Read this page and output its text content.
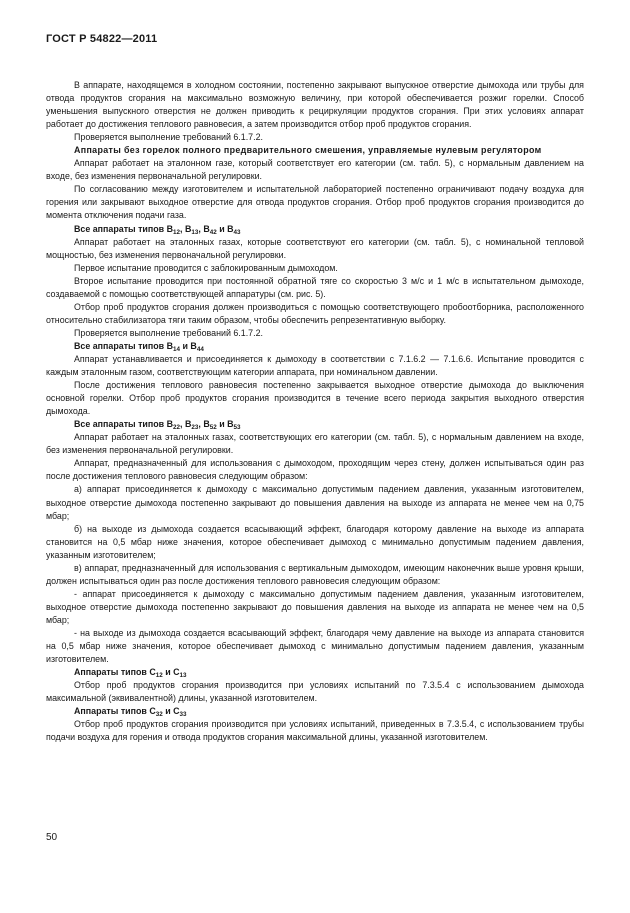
ГОСТ Р 54822—2011

В аппарате, находящемся в холодном состоянии, постепенно закрывают выпускное отверстие дымохода или трубы для отвода продуктов сгорания на максимально возможную величину, при которой обеспечивается розжиг горелки. Способ уменьшения выпускного отверстия не должен приводить к рециркуляции продуктов сгорания. При этих условиях аппарат работает до достижения теплового равновесия, а затем производится отбор проб продуктов сгорания.

Проверяется выполнение требований 6.1.7.2.

Аппараты без горелок полного предварительного смешения, управляемые нулевым регулятором

Аппарат работает на эталонном газе, который соответствует его категории (см. табл. 5), с нормальным давлением на входе, без изменения первоначальной регулировки.

По согласованию между изготовителем и испытательной лабораторией постепенно ограничивают подачу воздуха для горения или закрывают выходное отверстие для отвода продуктов сгорания. Отбор проб продуктов сгорания производится до момента отключения подачи газа.

Все аппараты типов $B_{12}$, $B_{13}$, $B_{42}$ и $B_{43}$

Аппарат работает на эталонных газах, которые соответствуют его категории (см. табл. 5), с номинальной тепловой мощностью, без изменения первоначальной регулировки.

Первое испытание проводится с заблокированным дымоходом.

Второе испытание проводится при постоянной обратной тяге со скоростью 3 м/с и 1 м/с в испытательном дымоходе, создаваемой с помощью соответствующей аппаратуры (см. рис. 5).

Отбор проб продуктов сгорания должен производиться с помощью соответствующего пробоотборника, расположенного относительно стабилизатора тяги таким образом, чтобы обеспечить репрезентативную выборку.

Проверяется выполнение требований 6.1.7.2.

Все аппараты типов $B_{14}$ и $B_{44}$

Аппарат устанавливается и присоединяется к дымоходу в соответствии с 7.1.6.2 — 7.1.6.6. Испытание проводится с каждым эталонным газом, соответствующим категории аппарата, при номинальном давлении.

После достижения теплового равновесия постепенно закрывается выходное отверстие дымохода до выключения основной горелки. Отбор проб продуктов сгорания производится в течение всего периода закрытия выходного отверстия дымохода.

Все аппараты типов $B_{22}$, $B_{23}$, $B_{52}$ и $B_{53}$

Аппарат работает на эталонных газах, соответствующих его категории (см. табл. 5), с нормальным давлением на входе, без изменения первоначальной регулировки.

Аппарат, предназначенный для использования с дымоходом, проходящим через стену, должен испытываться один раз после достижения теплового равновесия следующим образом:

а) аппарат присоединяется к дымоходу с максимально допустимым падением давления, указанным изготовителем, выходное отверстие дымохода постепенно закрывают до повышения давления на выходе из аппарата не менее чем на 0,75 мбар;

б) на выходе из дымохода создается всасывающий эффект, благодаря которому давление на выходе из аппарата становится на 0,5 мбар ниже значения, которое обеспечивает дымоход с минимально допустимым падением давления, указанным изготовителем;

в) аппарат, предназначенный для использования с вертикальным дымоходом, имеющим наконечник выше уровня крыши, должен испытываться один раз после достижения теплового равновесия следующим образом:

- аппарат присоединяется к дымоходу с максимально допустимым падением давления, указанным изготовителем, выходное отверстие дымохода постепенно закрывают до повышения давления на выходе из аппарата не менее чем на 0,5 мбар;

- на выходе из дымохода создается всасывающий эффект, благодаря чему давление на выходе из аппарата становится на 0,5 мбар ниже значения, которое обеспечивает дымоход с минимально допустимым падением давления, указанным изготовителем.

Аппараты типов $C_{12}$ и $C_{13}$

Отбор проб продуктов сгорания производится при условиях испытаний по 7.3.5.4 с использованием дымохода максимальной (эквивалентной) длины, указанной изготовителем.

Аппараты типов $C_{32}$ и $C_{33}$

Отбор проб продуктов сгорания производится при условиях испытаний, приведенных в 7.3.5.4, с использованием трубы подачи воздуха для горения и отвода продуктов сгорания максимальной длины, указанной изготовителем.

50
